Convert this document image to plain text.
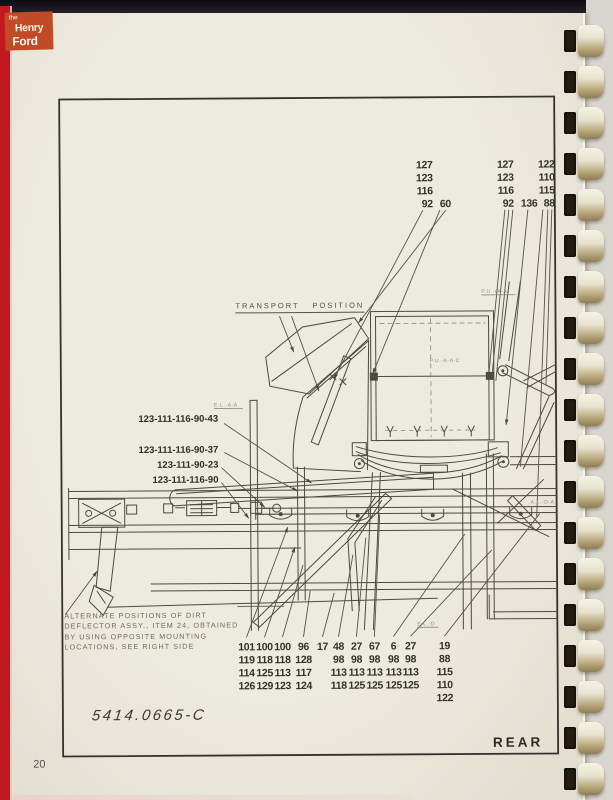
E.L.-A-A
P.U.-(A-A)
P.U.-A-A-C
E.L.-D
A.L.-D-A
TRANSPORT POSITION
ALTERNATE POSITIONS OF DIRT
DEFLECTOR ASSY., ITEM 24, OBTAINED
BY USING OPPOSITE MOUNTING
LOCATIONS, SEE RIGHT SIDE
5414.0665-C
REAR
20
127
123
116
92 60
127
123
116
92 136
122
110
115
88
101
119
114
126
100
118
125
129
100
118
113
123
96
128
117
124
17 48
98
113
118
27
98
113
125
67
98
113
125
6
98
113
125
27
98
113
125
19
88
115
110
122
123-111-116-90-43
123-111-116-90-37
123-111-90-23
123-111-116-90
the
Henry
Ford
